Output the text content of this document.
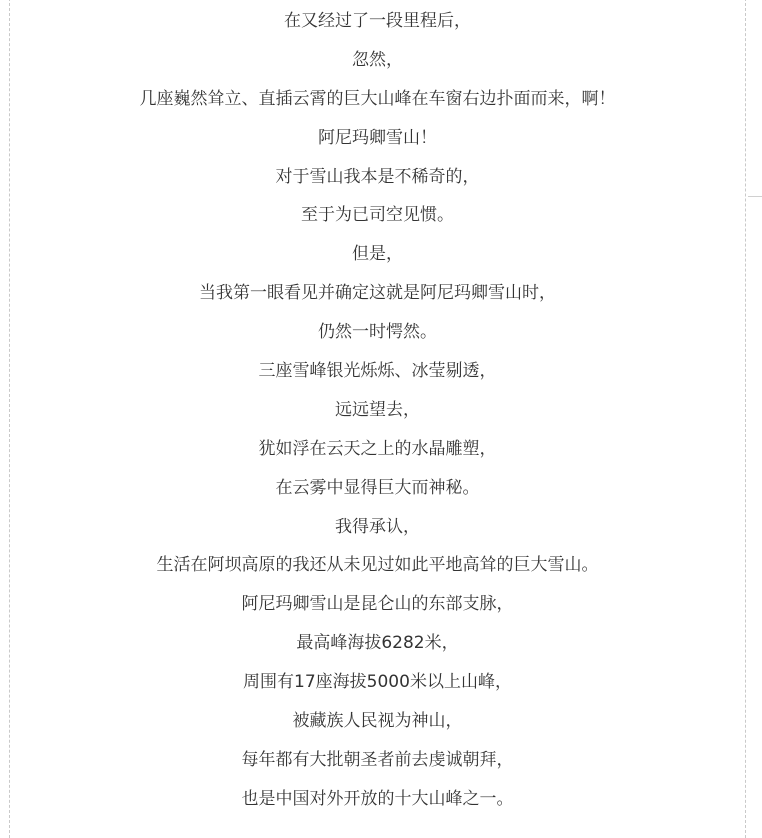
在又经过了一段里程后，

忽然，

几座巍然耸立、直插云霄的巨大山峰在车窗右边扑面而来，啊！

阿尼玛卿雪山！

对于雪山我本是不稀奇的，

至于为已司空见惯。

但是，

当我第一眼看见并确定这就是阿尼玛卿雪山时，

仍然一时愕然。

三座雪峰银光烁烁、冰莹剔透，

远远望去，

犹如浮在云天之上的水晶雕塑，

在云雾中显得巨大而神秘。

我得承认，

生活在阿坝高原的我还从未见过如此平地高耸的巨大雪山。

阿尼玛卿雪山是昆仑山的东部支脉，

最高峰海拔6282米，

周围有17座海拔5000米以上山峰，

被藏族人民视为神山，

每年都有大批朝圣者前去虔诚朝拜，

也是中国对外开放的十大山峰之一。
